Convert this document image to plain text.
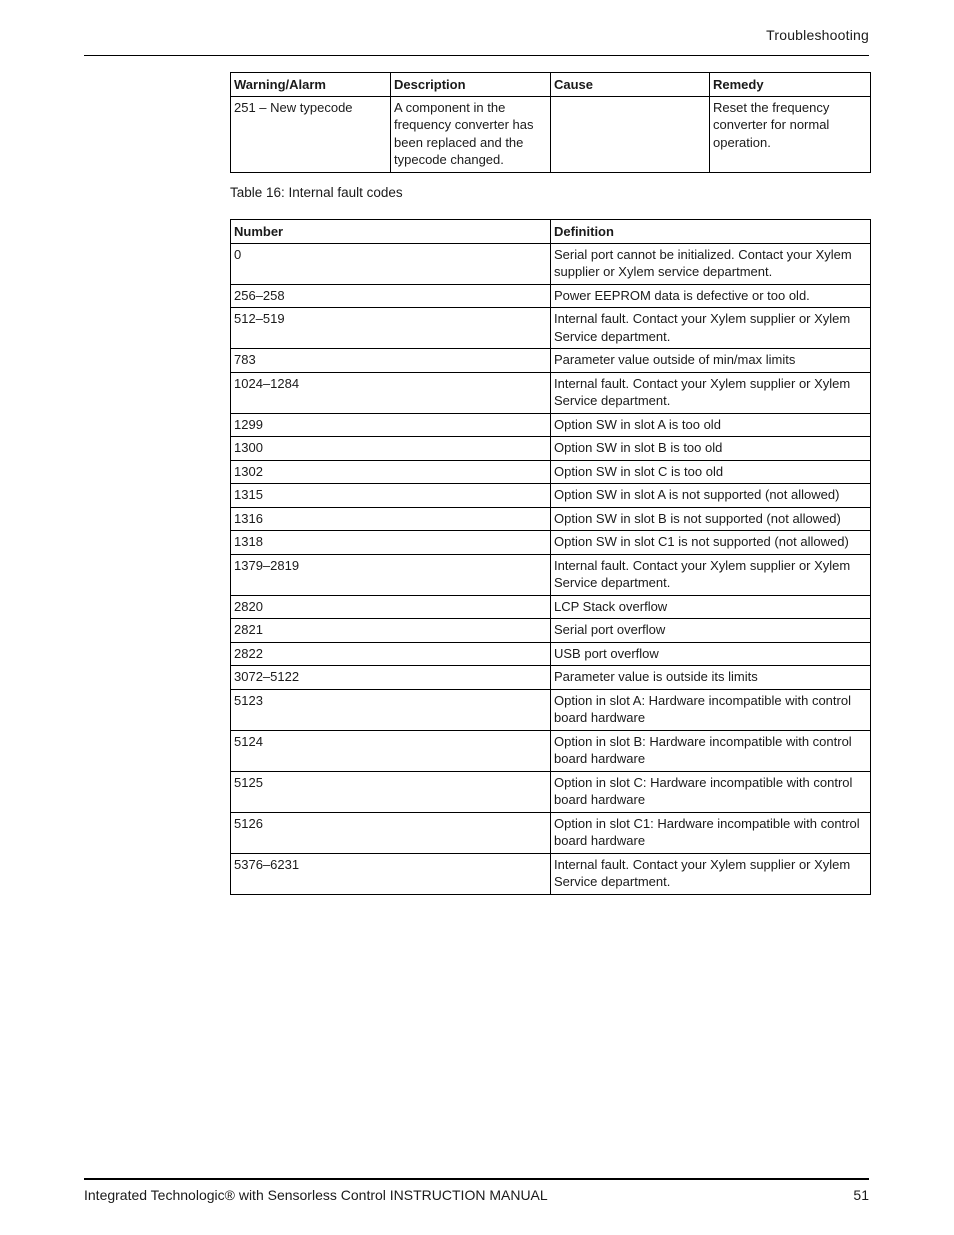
Troubleshooting
Warning/Alarm	Description	Cause	Remedy
251 – New typecode	A component in the frequency converter has been replaced and the typecode changed.		Reset the frequency converter for normal operation.
Table 16: Internal fault codes
Number	Definition
0	Serial port cannot be initialized. Contact your Xylem supplier or Xylem service department.
256–258	Power EEPROM data is defective or too old.
512–519	Internal fault. Contact your Xylem supplier or Xylem Service department.
783	Parameter value outside of min/max limits
1024–1284	Internal fault. Contact your Xylem supplier or Xylem Service department.
1299	Option SW in slot A is too old
1300	Option SW in slot B is too old
1302	Option SW in slot C is too old
1315	Option SW in slot A is not supported (not allowed)
1316	Option SW in slot B is not supported (not allowed)
1318	Option SW in slot C1 is not supported (not allowed)
1379–2819	Internal fault. Contact your Xylem supplier or Xylem Service department.
2820	LCP Stack overflow
2821	Serial port overflow
2822	USB port overflow
3072–5122	Parameter value is outside its limits
5123	Option in slot A: Hardware incompatible with control board hardware
5124	Option in slot B: Hardware incompatible with control board hardware
5125	Option in slot C: Hardware incompatible with control board hardware
5126	Option in slot C1: Hardware incompatible with control board hardware
5376–6231	Internal fault. Contact your Xylem supplier or Xylem Service department.
Integrated Technologic® with Sensorless Control INSTRUCTION MANUAL	51
